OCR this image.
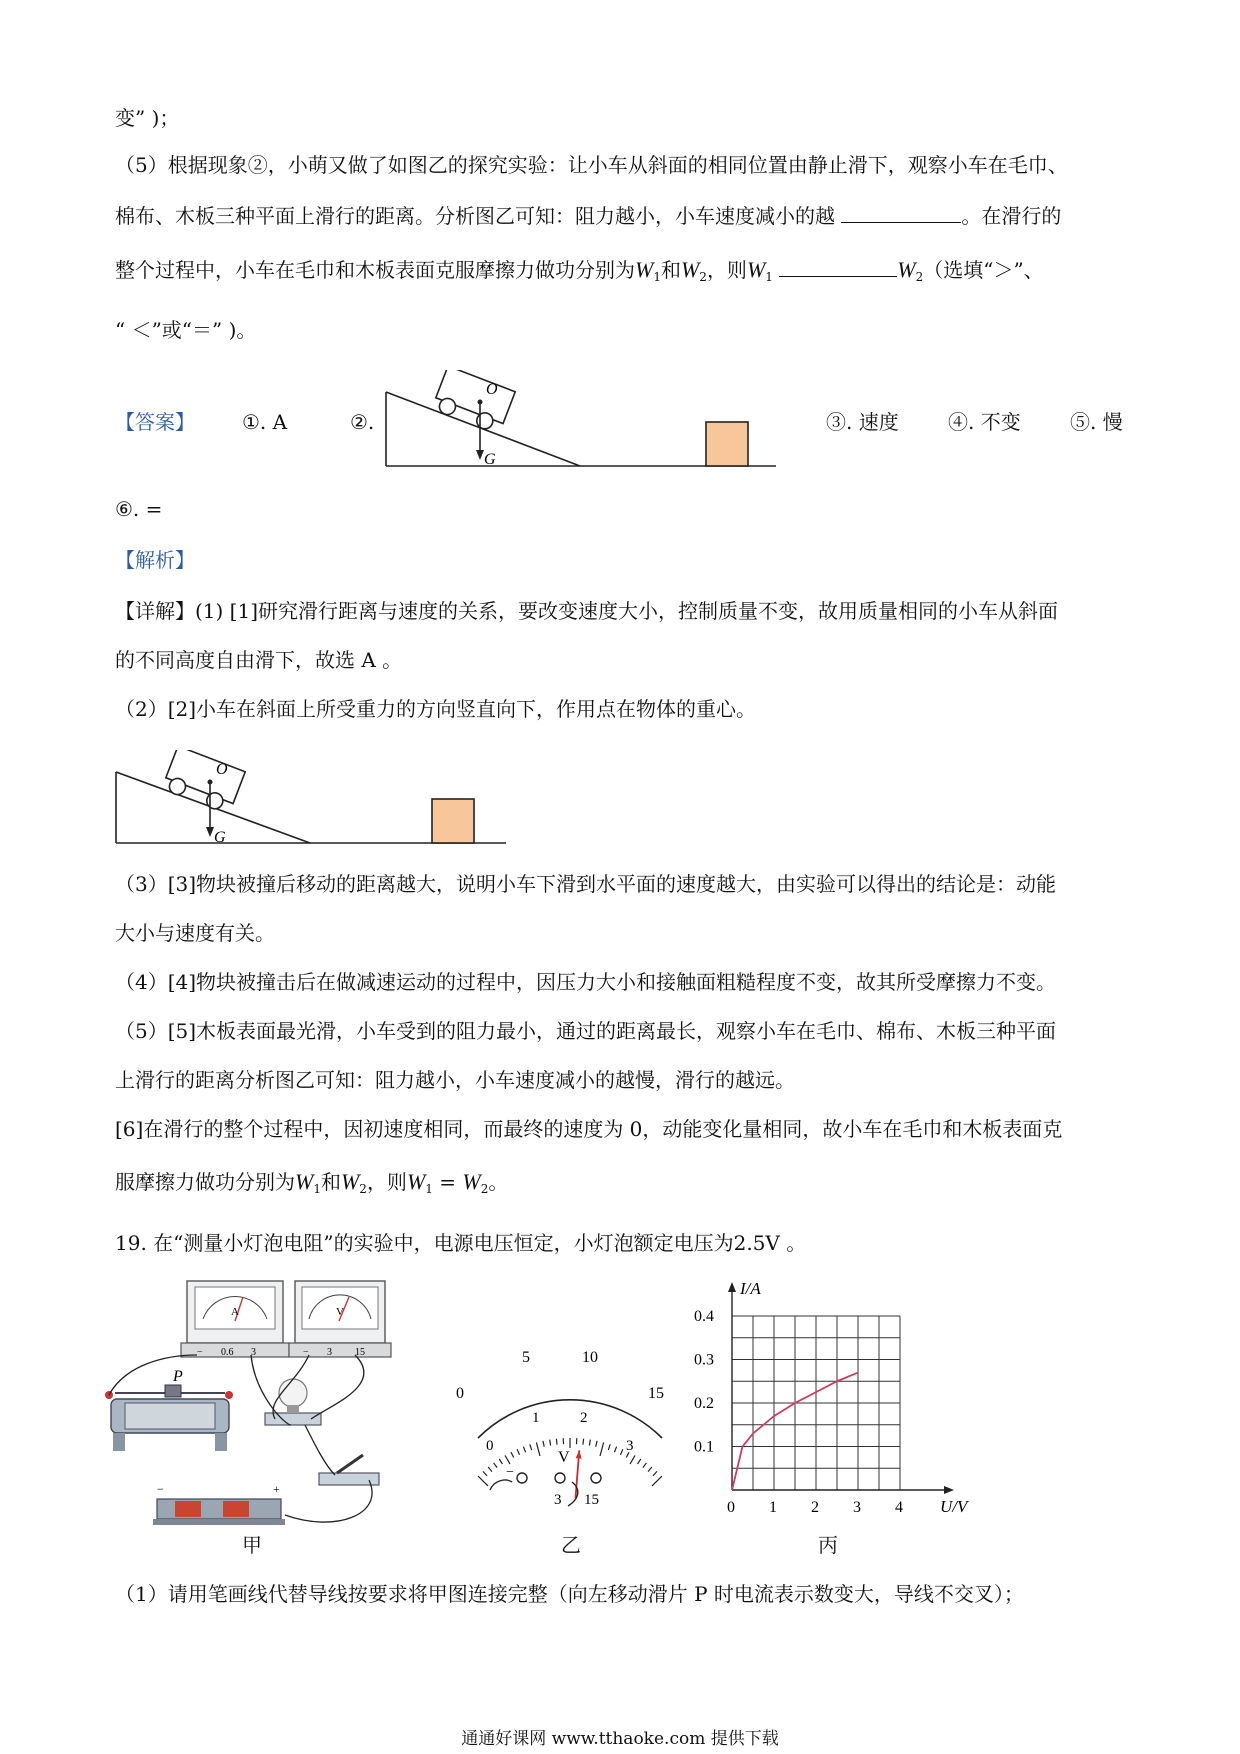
变” )；
（5）根据现象②，小萌又做了如图乙的探究实验：让小车从斜面的相同位置由静止滑下，观察小车在毛巾、
棉布、木板三种平面上滑行的距离。分析图乙可知：阻力越小，小车速度减小的越	。在滑行的
整个过程中，小车在毛巾和木板表面克服摩擦力做功分别为$W_1$和$W_2$，则$W_1$	$W_2$（选填“＞”、
“ ＜”或“＝” )。
【答案】 ①. A	②.	③. 速度 ④. 不变 ⑤. 慢
O
G
⑥. =
【解析】
【详解】(1) [1]研究滑行距离与速度的关系，要改变速度大小，控制质量不变，故用质量相同的小车从斜面
的不同高度自由滑下，故选 A 。
（2）[2]小车在斜面上所受重力的方向竖直向下，作用点在物体的重心。
O
G
（3）[3]物块被撞后移动的距离越大，说明小车下滑到水平面的速度越大，由实验可以得出的结论是：动能
大小与速度有关。
（4）[4]物块被撞击后在做减速运动的过程中，因压力大小和接触面粗糙程度不变，故其所受摩擦力不变。
（5）[5]木板表面最光滑，小车受到的阻力最小，通过的距离最长，观察小车在毛巾、棉布、木板三种平面
上滑行的距离分析图乙可知：阻力越小，小车速度减小的越慢，滑行的越远。
[6]在滑行的整个过程中，因初速度相同，而最终的速度为 0，动能变化量相同，故小车在毛巾和木板表面克
服摩擦力做功分别为$W_1$和$W_2$，则$W_1 = W_2$。
19. 在“测量小灯泡电阻”的实验中，电源电压恒定，小灯泡额定电压为2.5V 。
A
− 0.6 3
V
− 3 15
P
−	+
甲
0
5	10
15
0
1	2
3
V
−
3 15
乙
0 1 2 3 4
0.1
0.2
0.3
0.4
I/A
U/V
丙
（1）请用笔画线代替导线按要求将甲图连接完整（向左移动滑片 P 时电流表示数变大，导线不交叉）；
通通好课网 www.tthaoke.com 提供下载
